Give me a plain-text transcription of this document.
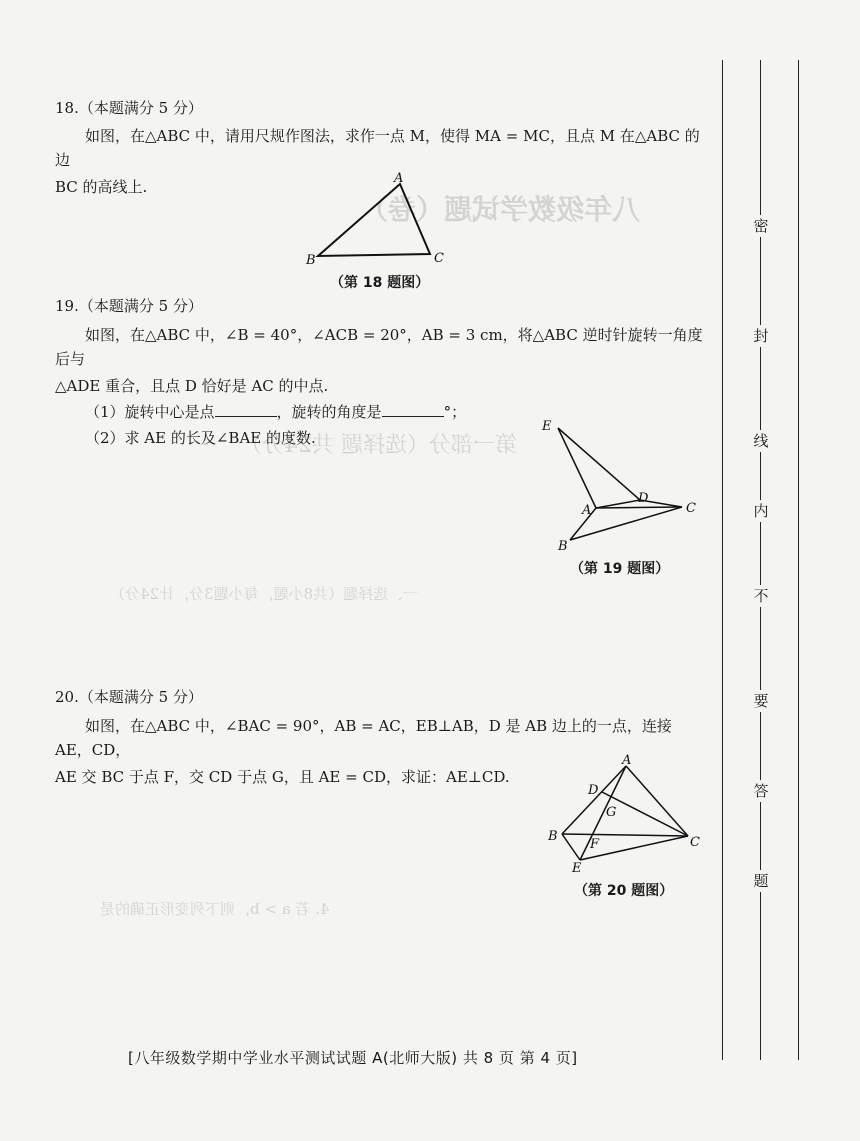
八年级数学试题（卷）
第一部分（选择题 共24分）
一、选择题（共8小题，每小题3分，计24分）
4. 若 a > b，则下列变形正确的是
18.（本题满分 5 分）
如图，在△ABC 中，请用尺规作图法，求作一点 M，使得 MA = MC，且点 M 在△ABC 的边
BC 的高线上.	A
B	C
（第 18 题图）
19.（本题满分 5 分）
如图，在△ABC 中，∠B = 40°，∠ACB = 20°，AB = 3 cm，将△ABC 逆时针旋转一角度后与
△ADE 重合，且点 D 恰好是 AC 的中点.
（1）旋转中心是点	，旋转的角度是	°；
（2）求 AE 的长及∠BAE 的度数.
E
D
A	C
B
（第 19 题图）
20.（本题满分 5 分）
如图，在△ABC 中，∠BAC = 90°，AB = AC，EB⊥AB，D 是 AB 边上的一点，连接 AE，CD，
AE 交 BC 于点 F，交 CD 于点 G，且 AE = CD，求证：AE⊥CD.
A
D
G
B
F	C
E
（第 20 题图）
密
封
线
内
不
要
答
题
[八年级数学期中学业水平测试试题 A(北师大版) 共 8 页 第 4 页]
